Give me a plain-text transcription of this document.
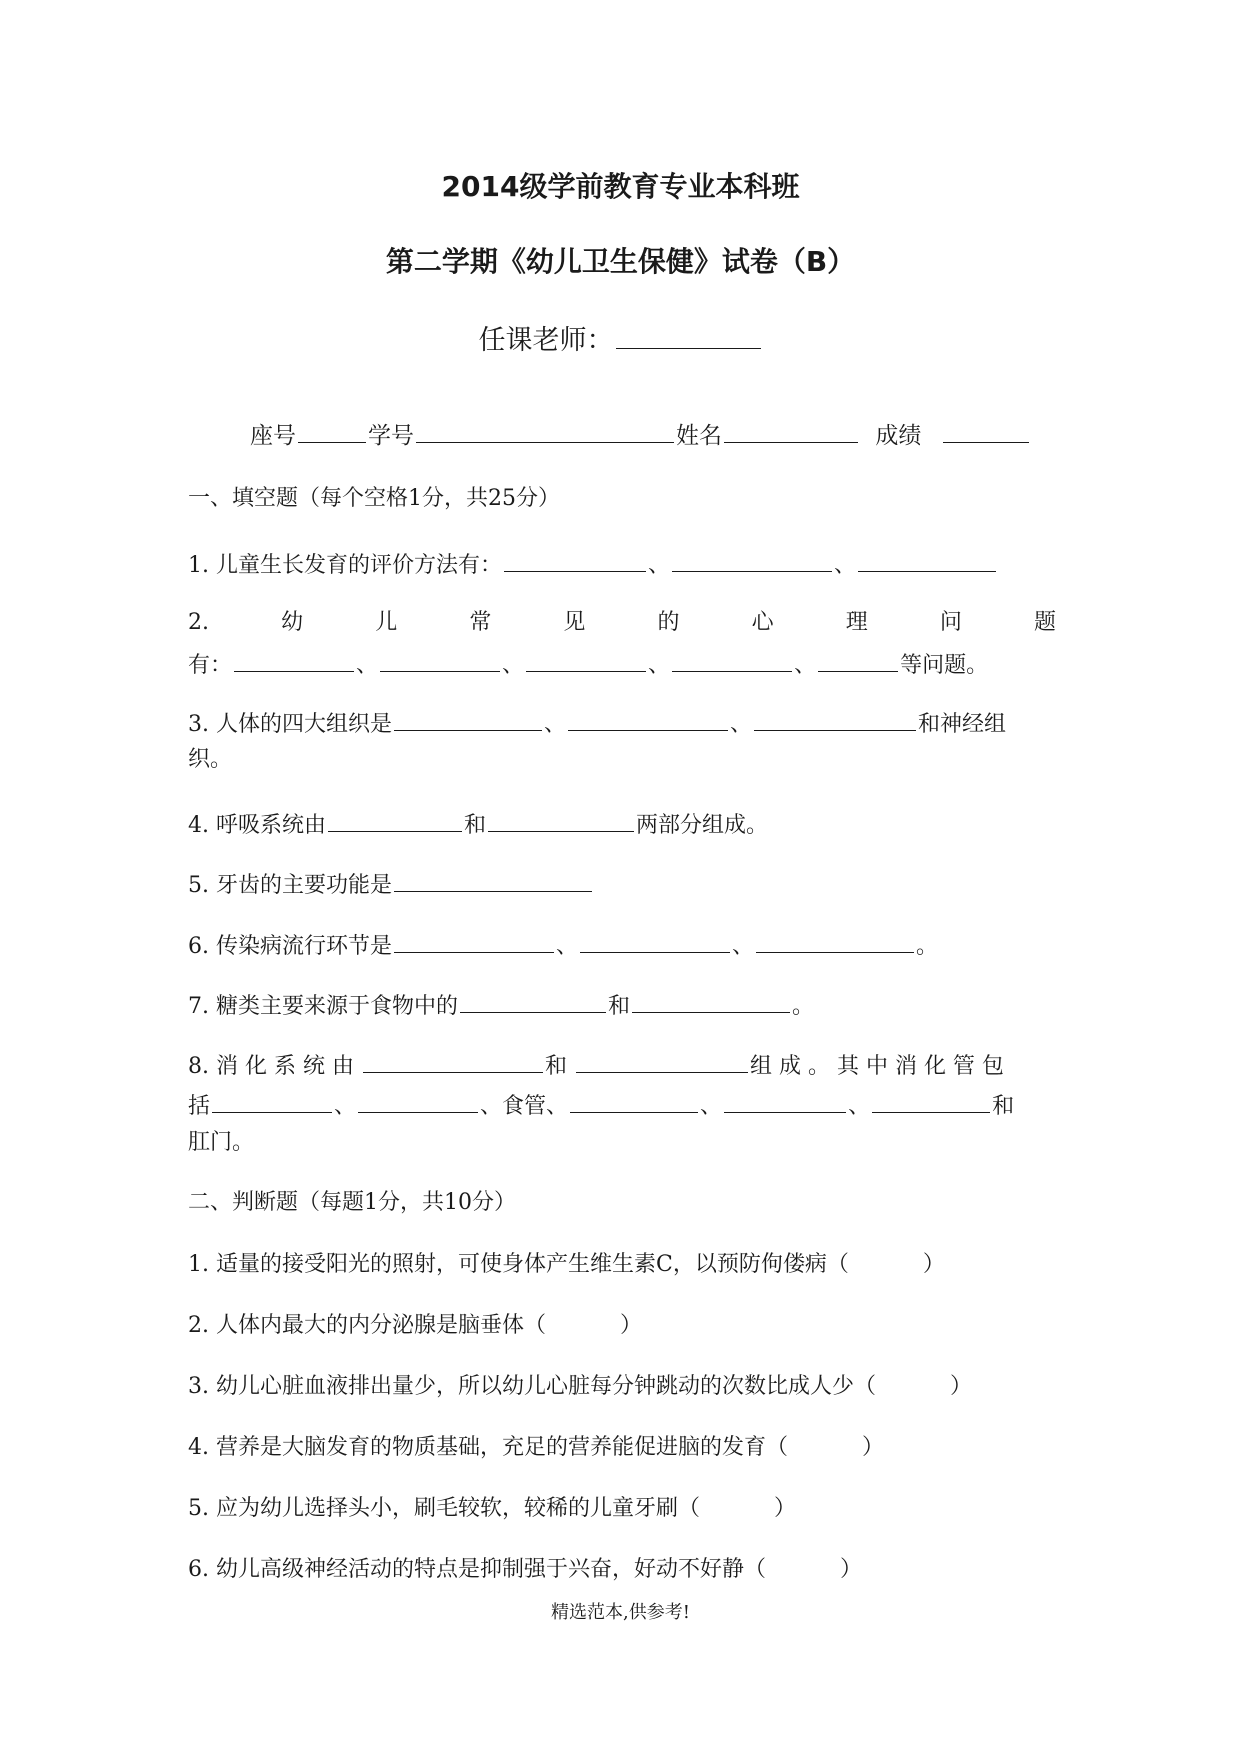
2014级学前教育专业本科班
第二学期《幼儿卫生保健》试卷（B）
任课老师：
座号	学号	姓名	成绩
一、填空题（每个空格1分，共25分）
1. 儿童生长发育的评价方法有：	、	、
2.	幼	儿	常	见	的	心	理	问	题
有：	、	、	、	、	等问题。
3. 人体的四大组织是	、	、	和神经组
织。
4. 呼吸系统由	和	两部分组成。
5. 牙齿的主要功能是
6. 传染病流行环节是	、	、	。
7. 糖类主要来源于食物中的	和	。
8. 消 化 系 统 由	和	组 成 。 其 中 消 化 管 包
括	、	、食管、	、	、	和
肛门。
二、判断题（每题1分，共10分）
1. 适量的接受阳光的照射，可使身体产生维生素C，以预防佝偻病（	）
2. 人体内最大的内分泌腺是脑垂体（	）
3. 幼儿心脏血液排出量少，所以幼儿心脏每分钟跳动的次数比成人少（	）
4. 营养是大脑发育的物质基础，充足的营养能促进脑的发育（	）
5. 应为幼儿选择头小，刷毛较软，较稀的儿童牙刷（	）
6. 幼儿高级神经活动的特点是抑制强于兴奋，好动不好静（	）
精选范本,供参考!
